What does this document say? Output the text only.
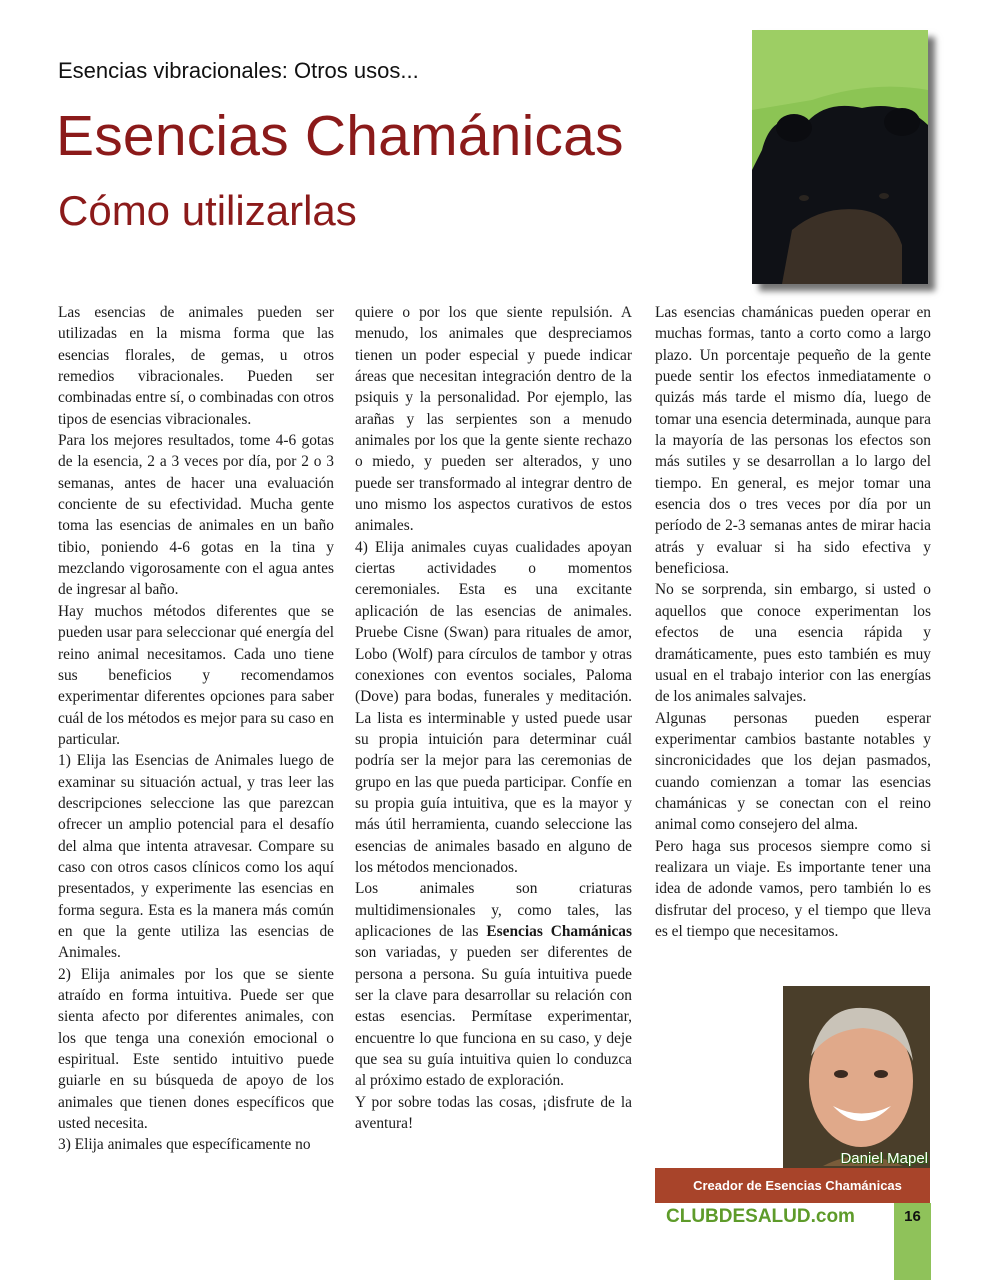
Esencias vibracionales: Otros usos...
Esencias Chamánicas
Cómo utilizarlas

Las esencias de animales pueden ser utilizadas en la misma forma que las esencias florales, de gemas, u otros remedios vibracionales. Pueden ser combinadas entre sí, o combinadas con otros tipos de esencias vibracionales.

Para los mejores resultados, tome 4-6 gotas de la esencia, 2 a 3 veces por día, por 2 o 3 semanas, antes de hacer una evaluación conciente de su efectividad. Mucha gente toma las esencias de animales en un baño tibio, poniendo 4-6 gotas en la tina y mezclando vigorosamente con el agua antes de ingresar al baño.

Hay muchos métodos diferentes que se pueden usar para seleccionar qué energía del reino animal necesitamos. Cada uno tiene sus beneficios y recomendamos experimentar diferentes opciones para saber cuál de los métodos es mejor para su caso en particular.

1) Elija las Esencias de Animales luego de examinar su situación actual, y tras leer las descripciones seleccione las que parezcan ofrecer un amplio potencial para el desafío del alma que intenta atravesar. Compare su caso con otros casos clínicos como los aquí presentados, y experimente las esencias en forma segura. Esta es la manera más común en que la gente utiliza las esencias de Animales.

2) Elija animales por los que se siente atraído en forma intuitiva. Puede ser que sienta afecto por diferentes animales, con los que tenga una conexión emocional o espiritual. Este sentido intuitivo puede guiarle en su búsqueda de apoyo de los animales que tienen dones específicos que usted necesita.

3) Elija animales que específicamente no

quiere o por los que siente repulsión. A menudo, los animales que despreciamos tienen un poder especial y puede indicar áreas que necesitan integración dentro de la psiquis y la personalidad. Por ejemplo, las arañas y las serpientes son a menudo animales por los que la gente siente rechazo o miedo, y pueden ser alterados, y uno puede ser transformado al integrar dentro de uno mismo los aspectos curativos de estos animales.

4) Elija animales cuyas cualidades apoyan ciertas actividades o momentos ceremoniales. Esta es una excitante aplicación de las esencias de animales. Pruebe Cisne (Swan) para rituales de amor, Lobo (Wolf) para círculos de tambor y otras conexiones con eventos sociales, Paloma (Dove) para bodas, funerales y meditación. La lista es interminable y usted puede usar su propia intuición para determinar cuál podría ser la mejor para las ceremonias de grupo en las que pueda participar. Confíe en su propia guía intuitiva, que es la mayor y más útil herramienta, cuando seleccione las esencias de animales basado en alguno de los métodos mencionados.

Los animales son criaturas multidimensionales y, como tales, las aplicaciones de las Esencias Chamánicas son variadas, y pueden ser diferentes de persona a persona. Su guía intuitiva puede ser la clave para desarrollar su relación con estas esencias. Permítase experimentar, encuentre lo que funciona en su caso, y deje que sea su guía intuitiva quien lo conduzca al próximo estado de exploración.

Y por sobre todas las cosas, ¡disfrute de la aventura!

Las esencias chamánicas pueden operar en muchas formas, tanto a corto como a largo plazo. Un porcentaje pequeño de la gente puede sentir los efectos inmediatamente o quizás más tarde el mismo día, luego de tomar una esencia determinada, aunque para la mayoría de las personas los efectos son más sutiles y se desarrollan a lo largo del tiempo. En general, es mejor tomar una esencia dos o tres veces por día por un período de 2-3 semanas antes de mirar hacia atrás y evaluar si ha sido efectiva y beneficiosa.

No se sorprenda, sin embargo, si usted o aquellos que conoce experimentan los efectos de una esencia rápida y dramáticamente, pues esto también es muy usual en el trabajo interior con las energías de los animales salvajes.

Algunas personas pueden esperar experimentar cambios bastante notables y sincronicidades que los dejan pasmados, cuando comienzan a tomar las esencias chamánicas y se conectan con el reino animal como consejero del alma.

Pero haga sus procesos siempre como si realizara un viaje. Es importante tener una idea de adonde vamos, pero también lo es disfrutar del proceso, y el tiempo que lleva es el tiempo que necesitamos.

Daniel Mapel
Creador de Esencias Chamánicas
CLUBDESALUD.com	16
